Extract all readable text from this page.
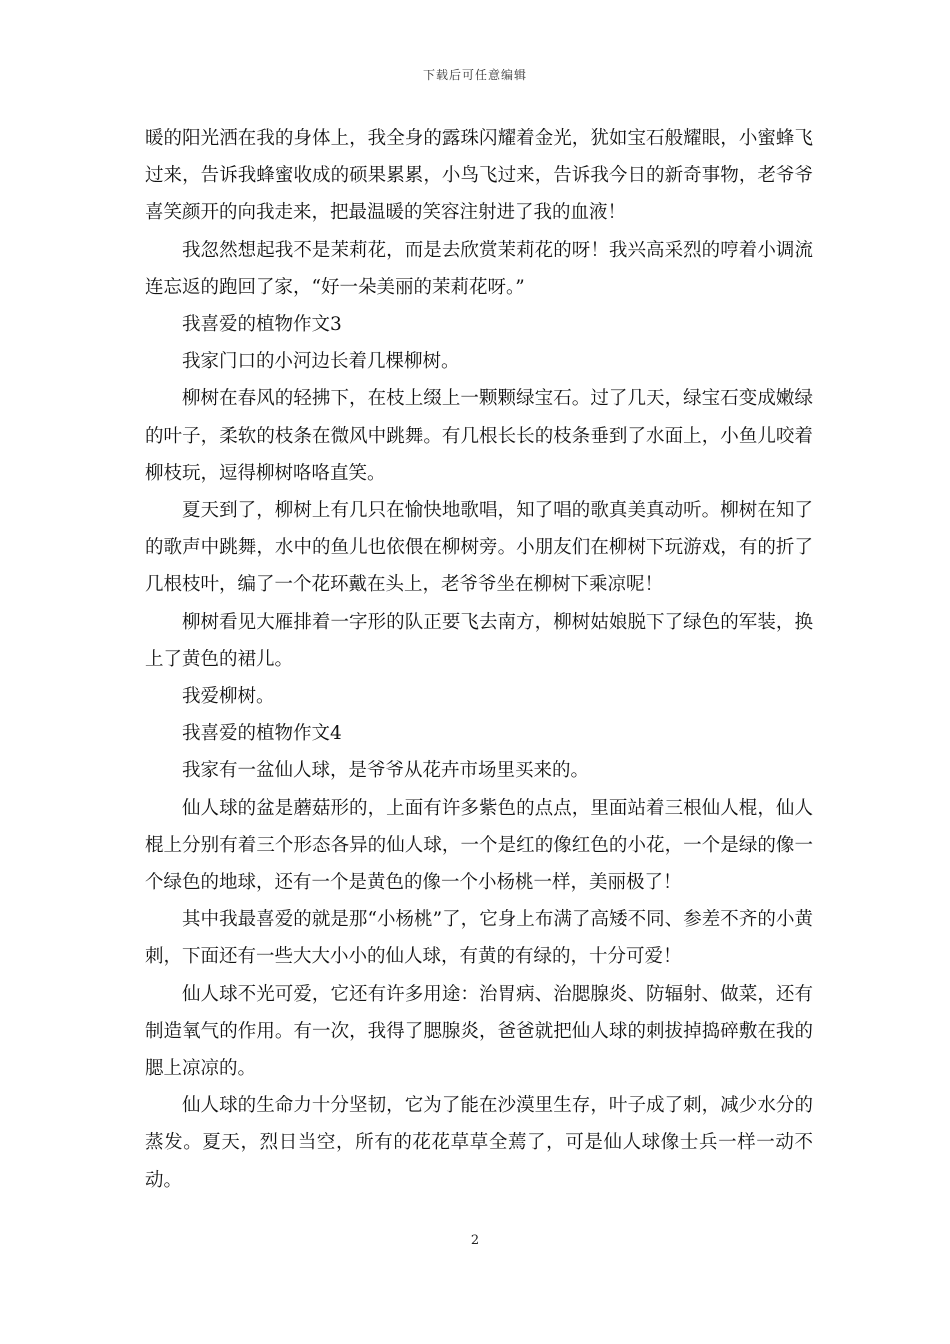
下载后可任意编辑

暖的阳光洒在我的身体上，我全身的露珠闪耀着金光，犹如宝石般耀眼，小蜜蜂飞过来，告诉我蜂蜜收成的硕果累累，小鸟飞过来，告诉我今日的新奇事物，老爷爷喜笑颜开的向我走来，把最温暖的笑容注射进了我的血液！

我忽然想起我不是茉莉花，而是去欣赏茉莉花的呀！我兴高采烈的哼着小调流连忘返的跑回了家，“好一朵美丽的茉莉花呀。”

我喜爱的植物作文3

我家门口的小河边长着几棵柳树。

柳树在春风的轻拂下，在枝上缀上一颗颗绿宝石。过了几天，绿宝石变成嫩绿的叶子，柔软的枝条在微风中跳舞。有几根长长的枝条垂到了水面上，小鱼儿咬着柳枝玩，逗得柳树咯咯直笑。

夏天到了，柳树上有几只在愉快地歌唱，知了唱的歌真美真动听。柳树在知了的歌声中跳舞，水中的鱼儿也依偎在柳树旁。小朋友们在柳树下玩游戏，有的折了几根枝叶，编了一个花环戴在头上，老爷爷坐在柳树下乘凉呢！

柳树看见大雁排着一字形的队正要飞去南方，柳树姑娘脱下了绿色的军装，换上了黄色的裙儿。

我爱柳树。

我喜爱的植物作文4

我家有一盆仙人球，是爷爷从花卉市场里买来的。

仙人球的盆是蘑菇形的，上面有许多紫色的点点，里面站着三根仙人棍，仙人棍上分别有着三个形态各异的仙人球，一个是红的像红色的小花，一个是绿的像一个绿色的地球，还有一个是黄色的像一个小杨桃一样，美丽极了！

其中我最喜爱的就是那“小杨桃”了，它身上布满了高矮不同、参差不齐的小黄刺，下面还有一些大大小小的仙人球，有黄的有绿的，十分可爱！

仙人球不光可爱，它还有许多用途：治胃病、治腮腺炎、防辐射、做菜，还有制造氧气的作用。有一次，我得了腮腺炎，爸爸就把仙人球的刺拔掉捣碎敷在我的腮上凉凉的。

仙人球的生命力十分坚韧，它为了能在沙漠里生存，叶子成了刺，减少水分的蒸发。夏天，烈日当空，所有的花花草草全蔫了，可是仙人球像士兵一样一动不动。

2
